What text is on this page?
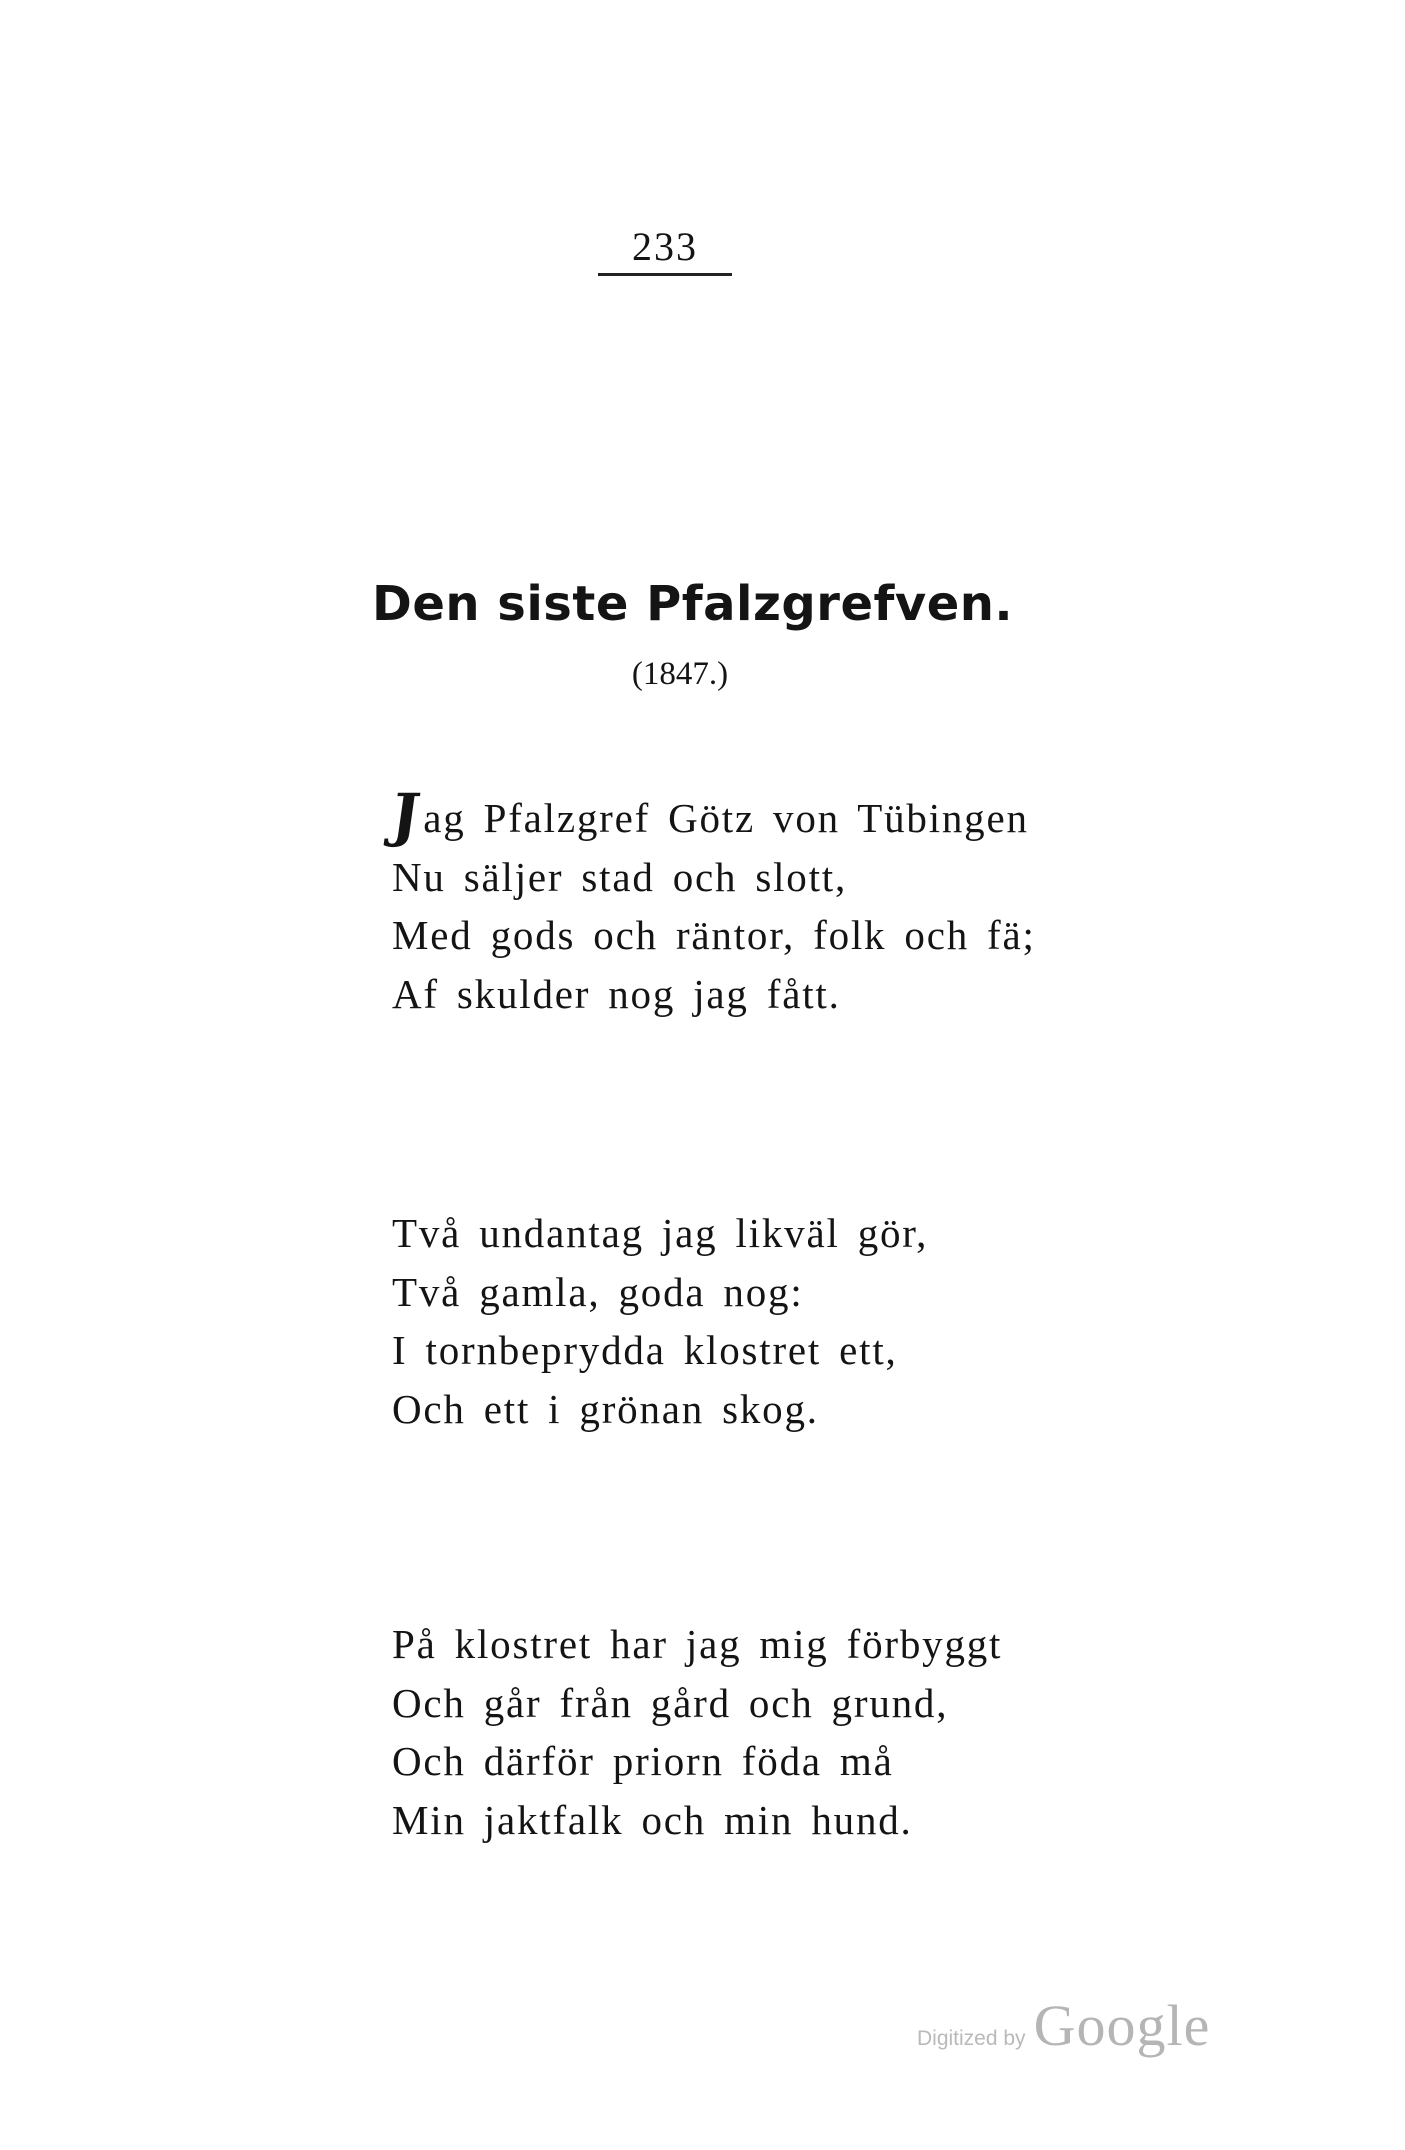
233
Den siste Pfalzgrefven.
(1847.)
Jag Pfalzgref Götz von Tübingen
Nu säljer stad och slott,
Med gods och räntor, folk och fä;
Af skulder nog jag fått.
Två undantag jag likväl gör,
Två gamla, goda nog:
I tornbeprydda klostret ett,
Och ett i grönan skog.
På klostret har jag mig förbyggt
Och går från gård och grund,
Och därför priorn föda må
Min jaktfalk och min hund.
Digitized by Google
